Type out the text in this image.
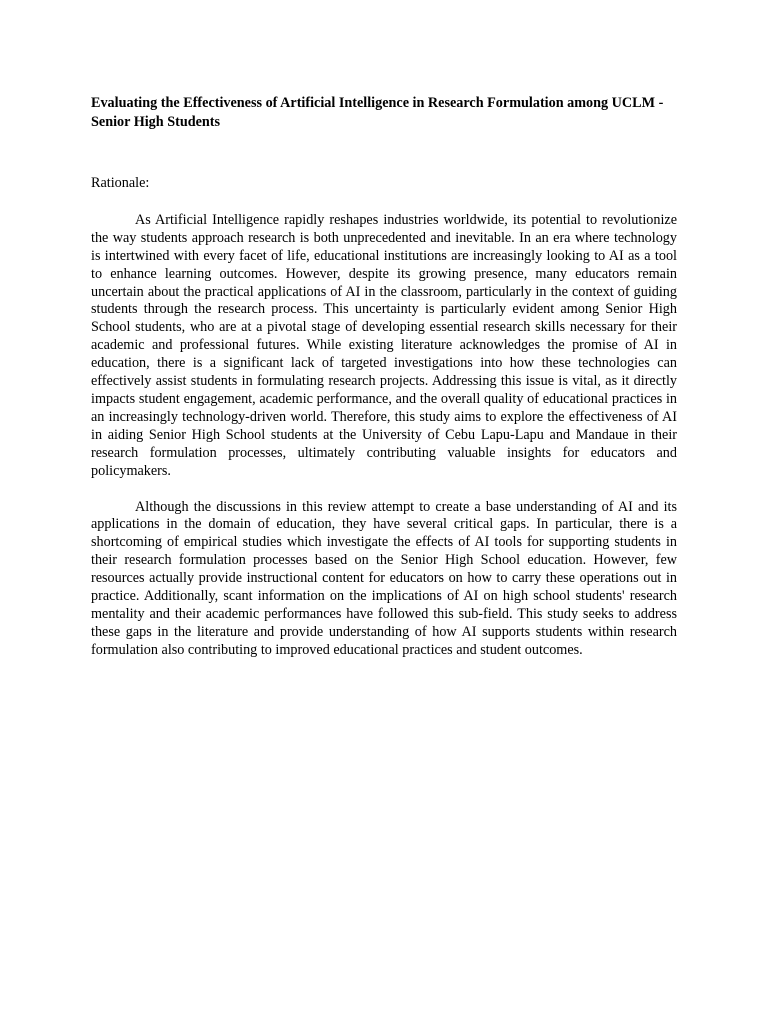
Evaluating the Effectiveness of Artificial Intelligence in Research Formulation among UCLM - Senior High Students

Rationale:

As Artificial Intelligence rapidly reshapes industries worldwide, its potential to revolutionize the way students approach research is both unprecedented and inevitable. In an era where technology is intertwined with every facet of life, educational institutions are increasingly looking to AI as a tool to enhance learning outcomes. However, despite its growing presence, many educators remain uncertain about the practical applications of AI in the classroom, particularly in the context of guiding students through the research process. This uncertainty is particularly evident among Senior High School students, who are at a pivotal stage of developing essential research skills necessary for their academic and professional futures. While existing literature acknowledges the promise of AI in education, there is a significant lack of targeted investigations into how these technologies can effectively assist students in formulating research projects. Addressing this issue is vital, as it directly impacts student engagement, academic performance, and the overall quality of educational practices in an increasingly technology-driven world. Therefore, this study aims to explore the effectiveness of AI in aiding Senior High School students at the University of Cebu Lapu-Lapu and Mandaue in their research formulation processes, ultimately contributing valuable insights for educators and policymakers.

Although the discussions in this review attempt to create a base understanding of AI and its applications in the domain of education, they have several critical gaps. In particular, there is a shortcoming of empirical studies which investigate the effects of AI tools for supporting students in their research formulation processes based on the Senior High School education. However, few resources actually provide instructional content for educators on how to carry these operations out in practice. Additionally, scant information on the implications of AI on high school students' research mentality and their academic performances have followed this sub-field. This study seeks to address these gaps in the literature and provide understanding of how AI supports students within research formulation also contributing to improved educational practices and student outcomes.
